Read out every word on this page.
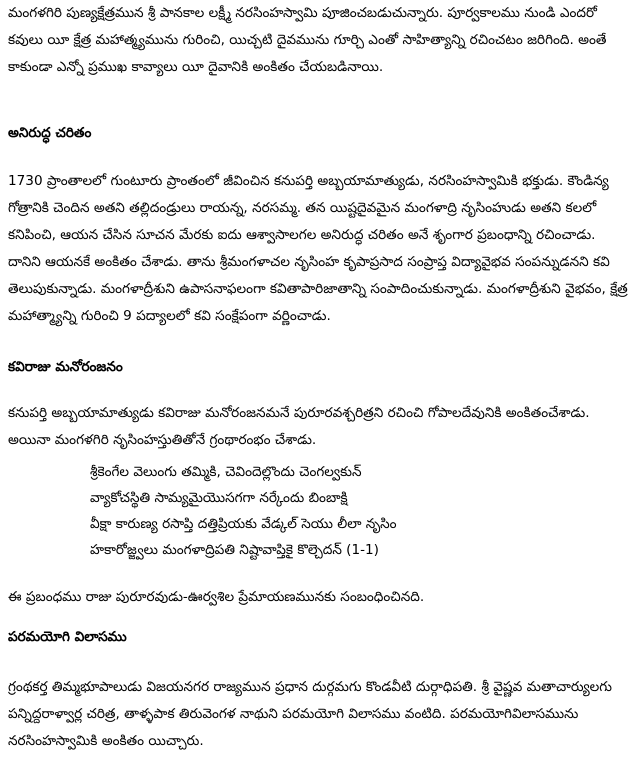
మంగళగిరి పుణ్యక్షేత్రమున శ్రీ పానకాల లక్ష్మీ నరసింహస్వామి పూజించబడుచున్నారు. పూర్వకాలము నుండి ఎందరో కవులు యీ క్షేత్ర మహాత్మ్యమును గురించి, యిచ్చటి దైవమును గూర్చి ఎంతో సాహిత్యాన్ని రచించటం జరిగింది. అంతే కాకుండా ఎన్నో ప్రముఖ కావ్యాలు యీ దైవానికి అంకితం చేయబడినాయి.

అనిరుద్ధ చరితం

1730 ప్రాంతాలలో గుంటూరు ప్రాంతంలో జీవించిన కనుపర్తి అబ్బయామాత్యుడు, నరసింహస్వామికి భక్తుడు. కౌండిన్య గోత్రానికి చెందిన అతని తల్లిదండ్రులు రాయన్న, నరసమ్మ. తన యిష్టదైవమైన మంగళాద్రి నృసింహుడు అతని కలలో కనిపించి, ఆయన చేసిన సూచన మేరకు ఐదు ఆశ్వాసాలగల అనిరుద్ధ చరితం అనే శృంగార ప్రబంధాన్ని రచించాడు. దానిని ఆయనకే అంకితం చేశాడు. తాను శ్రీమంగళాచల నృసింహ కృపాప్రసాద సంప్రాప్త విద్యావైభవ సంపన్నుడనని కవి తెలుపుకున్నాడు. మంగళాద్రీశుని ఉపాసనాఫలంగా కవితాపారిజాతాన్ని సంపాదించుకున్నాడు. మంగళాద్రీశుని వైభవం, క్షేత్ర మహాత్మ్యాన్ని గురించి 9 పద్యాలలో కవి సంక్షేపంగా వర్ణించాడు.

కవిరాజు మనోరంజనం

కనుపర్తి అబ్బయామాత్యుడు కవిరాజు మనోరంజనమనే పురూరవశ్చరిత్రని రచించి గోపాలదేవునికి అంకితంచేశాడు. అయినా మంగళగిరి నృసింహస్తుతితోనే గ్రంథారంభం చేశాడు.

శ్రీకెంగేల వెలుంగు తమ్మికి, చెవిందెల్లొందు చెంగల్వకున్
వ్యాకోచస్థితి సామ్యమైయొసగగా నర్కేందు బింబాక్షి
వీక్షా కారుణ్య రసాప్తి దత్తిప్రియకు వేడ్కల్ సెయు లీలా నృసిం
హకారోజ్జ్వలు మంగళాద్రిపతి నిష్టావాప్తికై కొల్చెదన్ (1-1)

ఈ ప్రబంధము రాజు పురూరవుడు-ఊర్వశిల ప్రేమాయణమునకు సంబంధించినది.

పరమయోగి విలాసము

గ్రంథకర్త తిమ్మభూపాలుడు విజయనగర రాజ్యమున ప్రధాన దుర్గమగు కొండవీటి దుర్గాధిపతి. శ్రీ వైష్ణవ మతాచార్యులగు పన్నిద్దరాళ్వార్ల చరిత్ర, తాళ్ళపాక తిరువెంగళ నాథుని పరమయోగి విలాసము వంటిది. పరమయోగివిలాసమును నరసింహస్వామికి అంకితం యిచ్చారు.
